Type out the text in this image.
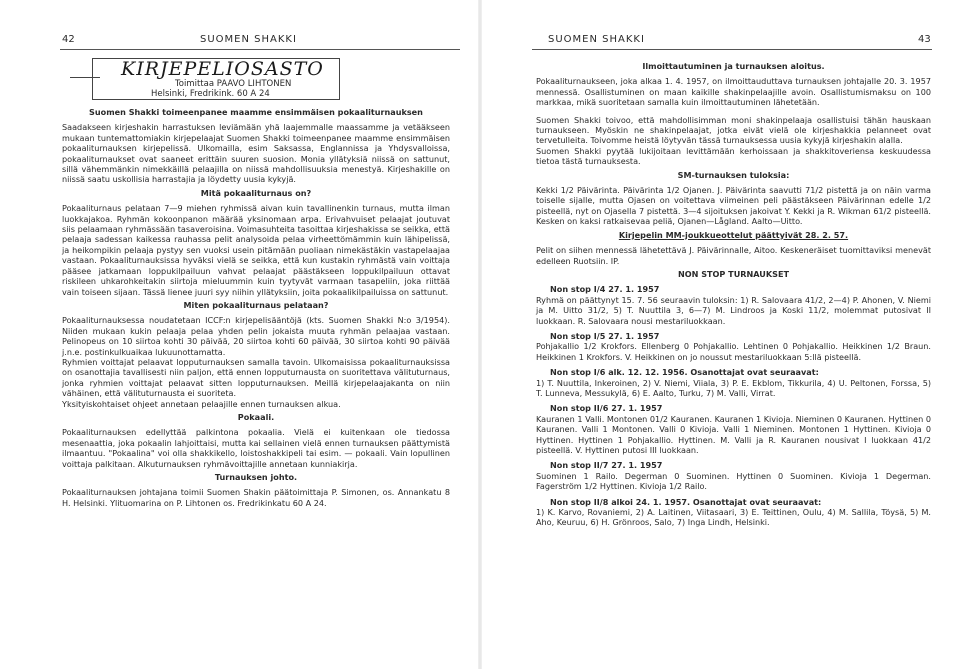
42	SUOMEN SHAKKI
KIRJEPELIOSASTO
Toimittaa PAAVO LIHTONEN
Helsinki, Fredrikink. 60 A 24
Suomen Shakki toimeenpanee maamme ensimmäisen pokaaliturnauksen

Saadakseen kirjeshakin harrastuksen leviämään yhä laajemmalle maassamme ja vetääkseen mukaan tuntemattomiakin kirjepelaajat Suomen Shakki toimeenpanee maamme ensimmäisen pokaaliturnauksen kirjepelissä. Ulkomailla, esim Saksassa, Englannissa ja Yhdysvalloissa, pokaaliturnaukset ovat saaneet erittäin suuren suosion. Monia yllätyksiä niissä on sattunut, sillä vähemmänkin nimekkäillä pelaajilla on niissä mahdollisuuksia menestyä. Kirjeshakille on niissä saatu uskollisia harrastajia ja löydetty uusia kykyjä.

Mitä pokaaliturnaus on?

Pokaaliturnaus pelataan 7—9 miehen ryhmissä aivan kuin tavallinenkin turnaus, mutta ilman luokkajakoa. Ryhmän kokoonpanon määrää yksinomaan arpa. Erivahvuiset pelaajat joutuvat siis pelaamaan ryhmässään tasaveroisina. Voimasuhteita tasoittaa kirjeshakissa se seikka, että pelaaja sadessan kaikessa rauhassa pelit analysoida pelaa virheettömämmin kuin lähipelissä, ja heikompikin pelaaja pystyy sen vuoksi usein pitämään puoliaan nimekästäkin vastapelaajaa vastaan. Pokaaliturnauksissa hyväksi vielä se seikka, että kun kustakin ryhmästä vain voittaja pääsee jatkamaan loppukilpailuun vahvat pelaajat päästäkseen loppukilpailuun ottavat riskileen uhkarohkeitakin siirtoja mieluummin kuin tyytyvät varmaan tasapeliin, joka riittää vain toiseen sijaan. Tässä lienee juuri syy niihin yllätyksiin, joita pokaalikilpailuissa on sattunut.

Miten pokaaliturnaus pelataan?

Pokaaliturnauksessa noudatetaan ICCF:n kirjepelisääntöjä (kts. Suomen Shakki N:o 3/1954). Niiden mukaan kukin pelaaja pelaa yhden pelin jokaista muuta ryhmän pelaajaa vastaan. Pelinopeus on 10 siirtoa kohti 30 päivää, 20 siirtoa kohti 60 päivää, 30 siirtoa kohti 90 päivää j.n.e. postinkulkuaikaa lukuunottamatta.

Ryhmien voittajat pelaavat lopputurnauksen samalla tavoin. Ulkomaisissa pokaaliturnauksissa on osanottajia tavallisesti niin paljon, että ennen lopputurnausta on suoritettava välituturnaus, jonka ryhmien voittajat pelaavat sitten lopputurnauksen. Meillä kirjepelaajakanta on niin vähäinen, että välituturnausta ei suoriteta.

Yksityiskohtaiset ohjeet annetaan pelaajille ennen turnauksen alkua.

Pokaali.

Pokaaliturnauksen edellyttää palkintona pokaalia. Vielä ei kuitenkaan ole tiedossa mesenaattia, joka pokaalin lahjoittaisi, mutta kai sellainen vielä ennen turnauksen päättymistä ilmaantuu. "Pokaalina" voi olla shakkikello, loistoshakkipeli tai esim. — pokaali. Vain lopullinen voittaja palkitaan. Alkuturnauksen ryhmävoittajille annetaan kunniakirja.

Turnauksen johto.

Pokaaliturnauksen johtajana toimii Suomen Shakin päätoimittaja P. Simonen, os. Annankatu 8 H. Helsinki. Ylituomarina on P. Lihtonen os. Fredrikinkatu 60 A 24.

SUOMEN SHAKKI	43
Ilmoittautuminen ja turnauksen aloitus.

Pokaaliturnaukseen, joka alkaa 1. 4. 1957, on ilmoittauduttava turnauksen johtajalle 20. 3. 1957 mennessä. Osallistuminen on maan kaikille shakinpelaajille avoin. Osallistumismaksu on 100 markkaa, mikä suoritetaan samalla kuin ilmoittautuminen lähetetään.

Suomen Shakki toivoo, että mahdollisimman moni shakinpelaaja osallistuisi tähän hauskaan turnaukseen. Myöskin ne shakinpelaajat, jotka eivät vielä ole kirjeshakkia pelanneet ovat tervetulleita. Toivomme heistä löytyvän tässä turnauksessa uusia kykyjä kirjeshakin alalla.

Suomen Shakki pyytää lukijoitaan levittämään kerhoissaan ja shakkitoveriensa keskuudessa tietoa tästä turnauksesta.

SM-turnauksen tuloksia:

Kekki 1/2 Päivärinta. Päivärinta 1/2 Ojanen. J. Päivärinta saavutti 71/2 pistettä ja on näin varma toiselle sijalle, mutta Ojasen on voitettava viimeinen peli päästäkseen Päivärinnan edelle 1/2 pisteellä, nyt on Ojasella 7 pistettä. 3—4 sijoituksen jakoivat Y. Kekki ja R. Wikman 61/2 pisteellä. Kesken on kaksi ratkaisevaa peliä, Ojanen—Lågland. Aalto—Uitto.

Kirjepelin MM-joukkueottelut päättyivät 28. 2. 57.

Pelit on siihen mennessä lähetettävä J. Päivärinnalle, Aitoo. Keskeneräiset tuomittaviksi menevät edelleen Ruotsiin. IP.

NON STOP TURNAUKSET
Non stop I/4 27. 1. 1957

Ryhmä on päättynyt 15. 7. 56 seuraavin tuloksin: 1) R. Salovaara 41/2, 2—4) P. Ahonen, V. Niemi ja M. Uitto 31/2, 5) T. Nuuttila 3, 6—7) M. Lindroos ja Koski 11/2, molemmat putosivat II luokkaan. R. Salovaara nousi mestariluokkaan.

Non stop I/5 27. 1. 1957

Pohjakallio 1/2 Krokfors. Ellenberg 0 Pohjakallio. Lehtinen 0 Pohjakallio. Heikkinen 1/2 Braun. Heikkinen 1 Krokfors. V. Heikkinen on jo noussut mestariluokkaan 5:llä pisteellä.

Non stop I/6 alk. 12. 12. 1956. Osanottajat ovat seuraavat:

1) T. Nuuttila, Inkeroinen, 2) V. Niemi, Viiala, 3) P. E. Ekblom, Tikkurila, 4) U. Peltonen, Forssa, 5) T. Lunneva, Messukylä, 6) E. Aalto, Turku, 7) M. Valli, Virrat.

Non stop II/6 27. 1. 1957

Kauranen 1 Valli. Montonen 01/2 Kauranen. Kauranen 1 Kivioja. Nieminen 0 Kauranen. Hyttinen 0 Kauranen. Valli 1 Montonen. Valli 0 Kivioja. Valli 1 Nieminen. Montonen 1 Hyttinen. Kivioja 0 Hyttinen. Hyttinen 1 Pohjakallio. Hyttinen. M. Valli ja R. Kauranen nousivat I luokkaan 41/2 pisteellä. V. Hyttinen putosi III luokkaan.

Non stop II/7 27. 1. 1957

Suominen 1 Railo. Degerman 0 Suominen. Hyttinen 0 Suominen. Kivioja 1 Degerman. Fagerström 1/2 Hyttinen. Kivioja 1/2 Railo.

Non stop II/8 alkoi 24. 1. 1957. Osanottajat ovat seuraavat:

1) K. Karvo, Rovaniemi, 2) A. Laitinen, Viitasaari, 3) E. Teittinen, Oulu, 4) M. Sallila, Töysä, 5) M. Aho, Keuruu, 6) H. Grönroos, Salo, 7) Inga Lindh, Helsinki.
